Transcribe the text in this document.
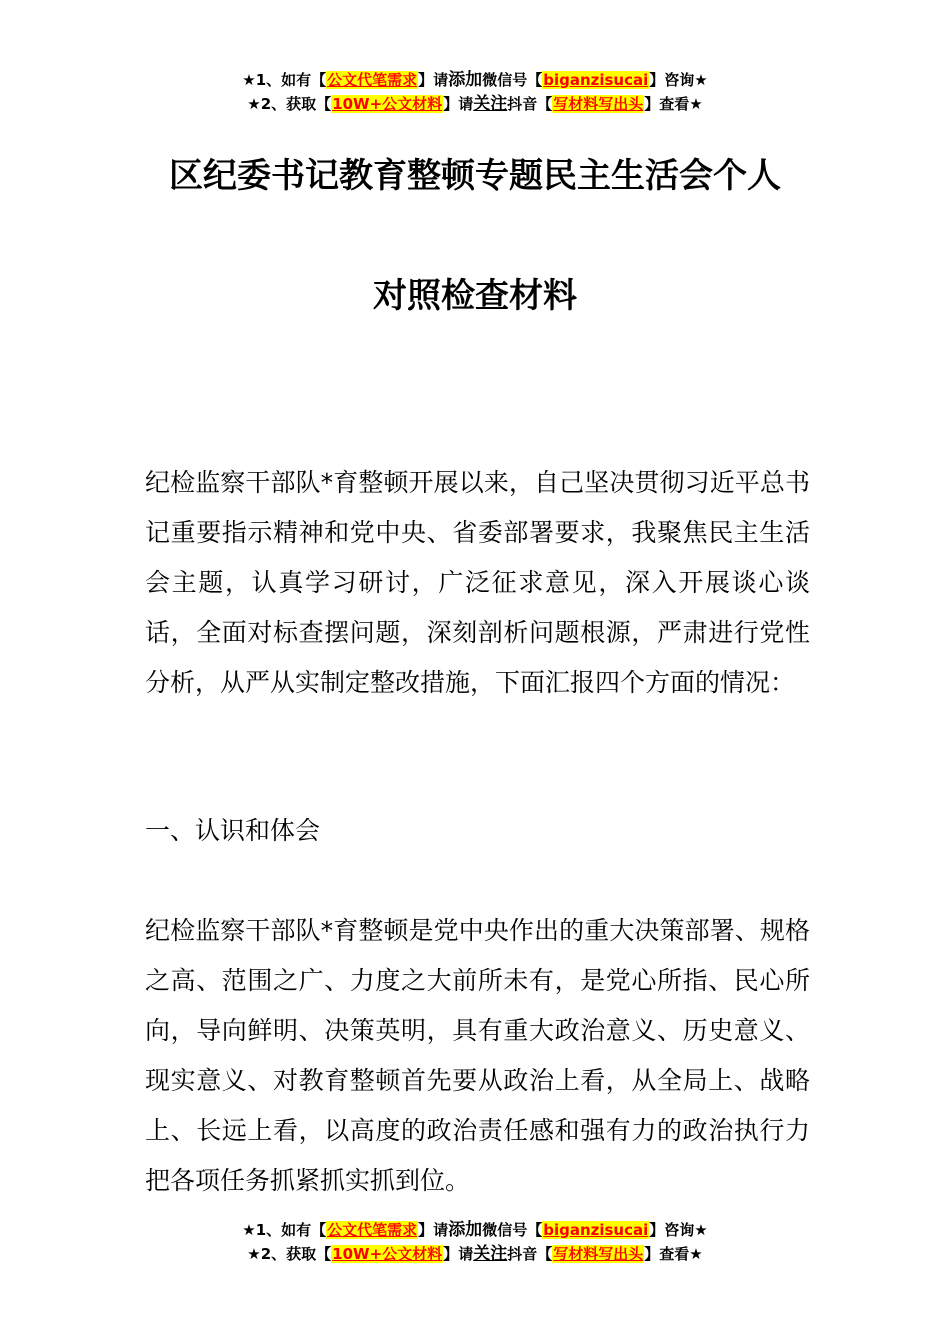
★1、如有【公文代笔需求】请添加微信号【biganzisucai】咨询★
★2、获取【10W+公文材料】请关注抖音【写材料写出头】查看★
区纪委书记教育整顿专题民主生活会个人
对照检查材料

纪检监察干部队*育整顿开展以来，自己坚决贯彻习近平总书记重要指示精神和党中央、省委部署要求，我聚焦民主生活会主题，认真学习研讨，广泛征求意见，深入开展谈心谈话，全面对标查摆问题，深刻剖析问题根源，严肃进行党性分析，从严从实制定整改措施，下面汇报四个方面的情况：

一、认识和体会

纪检监察干部队*育整顿是党中央作出的重大决策部署、规格之高、范围之广、力度之大前所未有，是党心所指、民心所向，导向鲜明、决策英明，具有重大政治意义、历史意义、现实意义、对教育整顿首先要从政治上看，从全局上、战略上、长远上看，以高度的政治责任感和强有力的政治执行力把各项任务抓紧抓实抓到位。

★1、如有【公文代笔需求】请添加微信号【biganzisucai】咨询★
★2、获取【10W+公文材料】请关注抖音【写材料写出头】查看★
